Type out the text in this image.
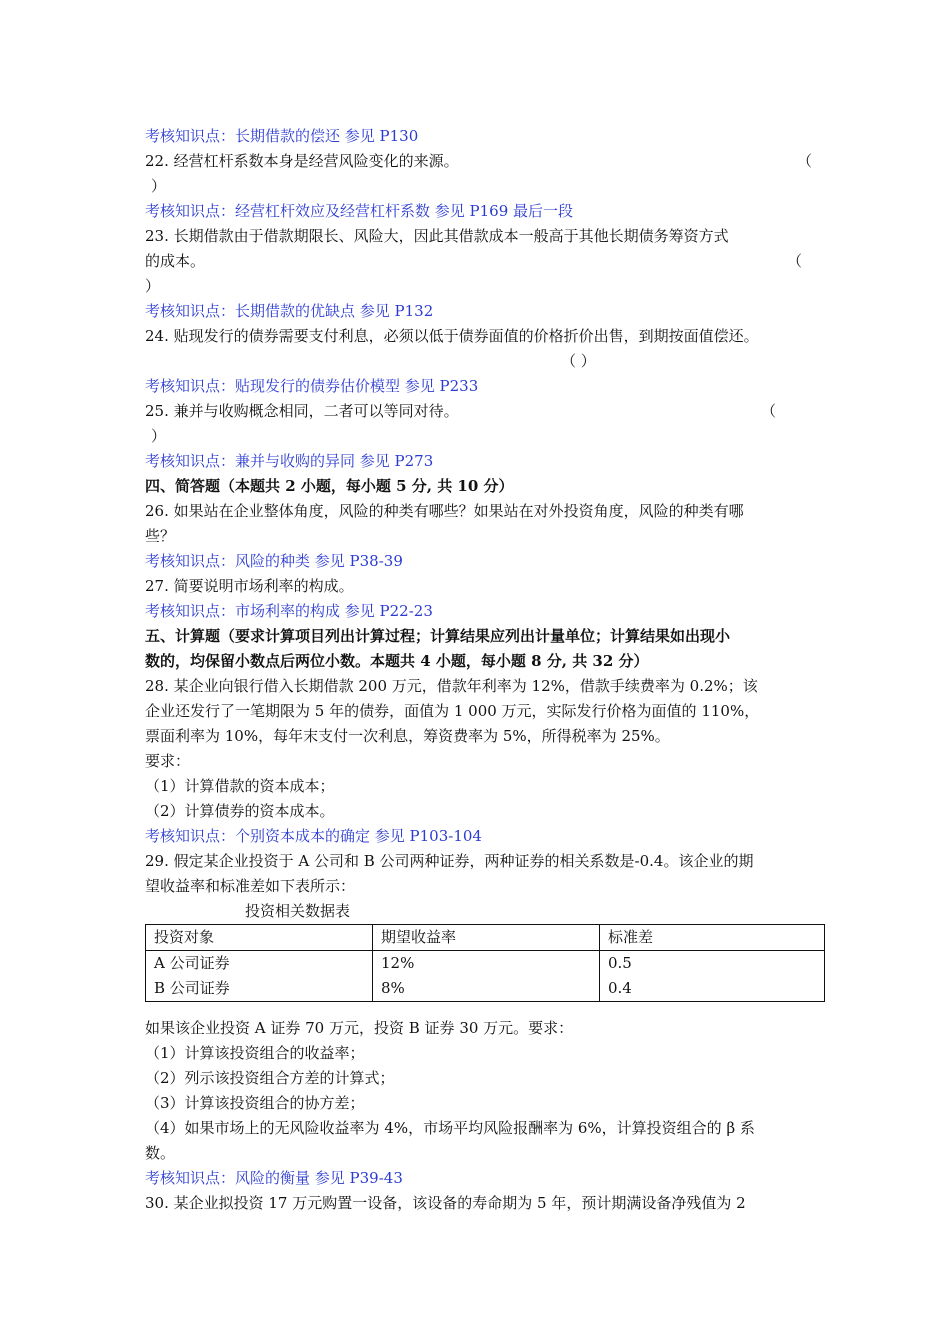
考核知识点：长期借款的偿还 参见 P130
22. 经营杠杆系数本身是经营风险变化的来源。	（
）
考核知识点：经营杠杆效应及经营杠杆系数 参见 P169 最后一段
23. 长期借款由于借款期限长、风险大，因此其借款成本一般高于其他长期债务筹资方式
的成本。	（
）
考核知识点：长期借款的优缺点 参见 P132
24. 贴现发行的债券需要支付利息，必须以低于债券面值的价格折价出售，到期按面值偿还。
（ ）
考核知识点：贴现发行的债券估价模型 参见 P233
25. 兼并与收购概念相同，二者可以等同对待。	（
）
考核知识点：兼并与收购的异同 参见 P273
四、简答题（本题共 2 小题，每小题 5 分, 共 10 分）
26. 如果站在企业整体角度，风险的种类有哪些？如果站在对外投资角度，风险的种类有哪
些？
考核知识点：风险的种类 参见 P38-39
27. 简要说明市场利率的构成。
考核知识点：市场利率的构成 参见 P22-23
五、计算题（要求计算项目列出计算过程；计算结果应列出计量单位；计算结果如出现小
数的，均保留小数点后两位小数。本题共 4 小题，每小题 8 分, 共 32 分）
28. 某企业向银行借入长期借款 200 万元，借款年利率为 12%，借款手续费率为 0.2%；该
企业还发行了一笔期限为 5 年的债券，面值为 1 000 万元，实际发行价格为面值的 110%，
票面利率为 10%，每年末支付一次利息，筹资费率为 5%，所得税率为 25%。
要求：
（1）计算借款的资本成本；
（2）计算债券的资本成本。
考核知识点：个别资本成本的确定 参见 P103-104
29. 假定某企业投资于 A 公司和 B 公司两种证券，两种证券的相关系数是-0.4。该企业的期
望收益率和标准差如下表所示：
投资相关数据表
投资对象	期望收益率	标准差
A 公司证券	12%	0.5
B 公司证券	8%	0.4
如果该企业投资 A 证券 70 万元，投资 B 证券 30 万元。要求：
（1）计算该投资组合的收益率；
（2）列示该投资组合方差的计算式；
（3）计算该投资组合的协方差；
（4）如果市场上的无风险收益率为 4%，市场平均风险报酬率为 6%，计算投资组合的 β 系
数。
考核知识点：风险的衡量 参见 P39-43
30. 某企业拟投资 17 万元购置一设备，该设备的寿命期为 5 年，预计期满设备净残值为 2
